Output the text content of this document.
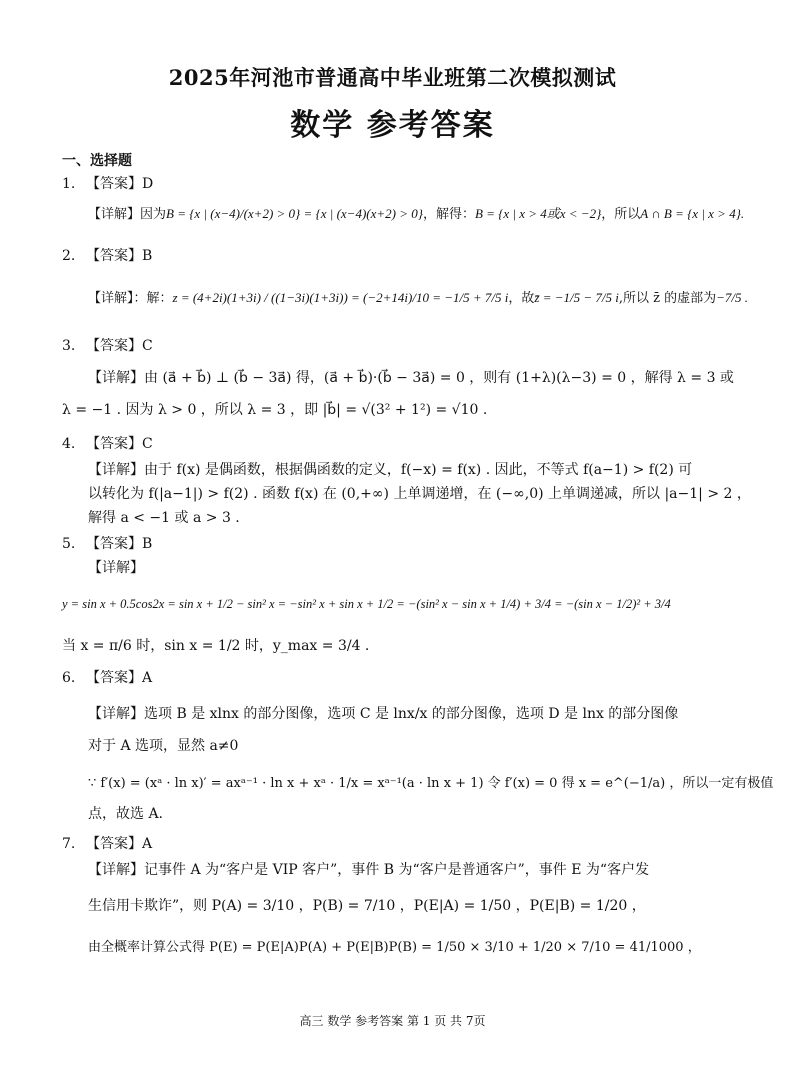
2025年河池市普通高中毕业班第二次模拟测试
数学 参考答案
一、选择题
1. 【答案】D
【详解】因为B = {x | (x−4)/(x+2) > 0} = {x | (x−4)(x+2) > 0}，解得：B = {x | x > 4或x < −2}，所以A ∩ B = {x | x > 4}.
2. 【答案】B
【详解】：解：z = (4+2i)(1+3i) / ((1−3i)(1+3i)) = (−2+14i)/10 = −1/5 + 7/5 i，故z̄ = −1/5 − 7/5 i,所以 z̄ 的虚部为−7/5 .
3. 【答案】C
【详解】由 (a⃗ + b⃗) ⊥ (b⃗ − 3a⃗) 得，(a⃗ + b⃗)·(b⃗ − 3a⃗) = 0 ，则有 (1+λ)(λ−3) = 0 ，解得 λ = 3 或
λ = −1 . 因为 λ > 0 ，所以 λ = 3 ，即 |b⃗| = √(3² + 1²) = √10 .
4. 【答案】C
【详解】由于 f(x) 是偶函数，根据偶函数的定义，f(−x) = f(x) . 因此，不等式 f(a−1) > f(2) 可
以转化为 f(|a−1|) > f(2) . 函数 f(x) 在 (0,+∞) 上单调递增，在 (−∞,0) 上单调递减，所以 |a−1| > 2 ，
解得 a < −1 或 a > 3 .
5. 【答案】B
【详解】
y = sin x + 0.5cos2x = sin x + 1/2 − sin² x = −sin² x + sin x + 1/2 = −(sin² x − sin x + 1/4) + 3/4 = −(sin x − 1/2)² + 3/4
当 x = π/6 时，sin x = 1/2 时，y_max = 3/4 .
6. 【答案】A
【详解】选项 B 是 xlnx 的部分图像，选项 C 是 lnx/x 的部分图像，选项 D 是 lnx 的部分图像
对于 A 选项，显然 a≠0
∵ f′(x) = (xᵃ · ln x)′ = axᵃ⁻¹ · ln x + xᵃ · 1/x = xᵃ⁻¹(a · ln x + 1) 令 f′(x) = 0 得 x = e^(−1/a) ，所以一定有极值
点，故选 A.
7. 【答案】A
【详解】记事件 A 为“客户是 VIP 客户”，事件 B 为“客户是普通客户”，事件 E 为“客户发
生信用卡欺诈”，则 P(A) = 3/10 ，P(B) = 7/10 ，P(E|A) = 1/50 ，P(E|B) = 1/20 ，
由全概率计算公式得 P(E) = P(E|A)P(A) + P(E|B)P(B) = 1/50 × 3/10 + 1/20 × 7/10 = 41/1000 ，
高三 数学 参考答案 第 1 页 共 7页
